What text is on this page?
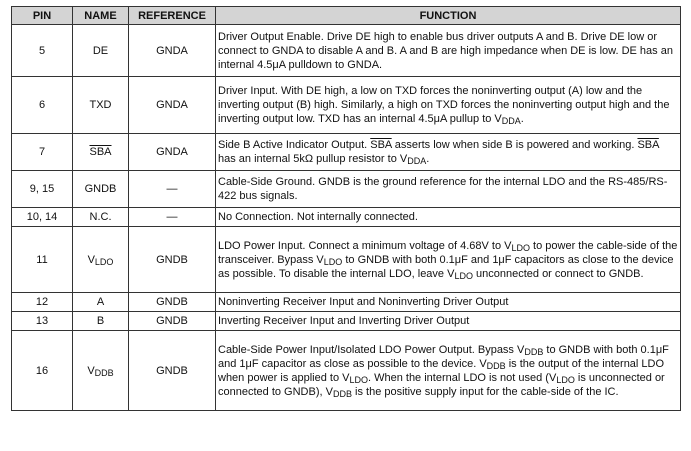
PIN	NAME	REFERENCE	FUNCTION
5	DE	GNDA	Driver Output Enable. Drive DE high to enable bus driver outputs A and B. Drive DE low or connect to GNDA to disable A and B. A and B are high impedance when DE is low. DE has an internal 4.5μA pulldown to GNDA.
6	TXD	GNDA	Driver Input. With DE high, a low on TXD forces the noninverting output (A) low and the inverting output (B) high. Similarly, a high on TXD forces the noninverting output high and the inverting output low. TXD has an internal 4.5μA pullup to $V_{DDA}$.
7	$\overline{SBA}$	GNDA	Side B Active Indicator Output. $\overline{SBA}$ asserts low when side B is powered and working. $\overline{SBA}$ has an internal 5kΩ pullup resistor to $V_{DDA}$.
9, 15	GNDB	—	Cable-Side Ground. GNDB is the ground reference for the internal LDO and the RS-485/RS-422 bus signals.
10, 14	N.C.	—	No Connection. Not internally connected.
11	$V_{LDO}$	GNDB	LDO Power Input. Connect a minimum voltage of 4.68V to $V_{LDO}$ to power the cable-side of the transceiver. Bypass $V_{LDO}$ to GNDB with both 0.1μF and 1μF capacitors as close to the device as possible. To disable the internal LDO, leave $V_{LDO}$ unconnected or connect to GNDB.
12	A	GNDB	Noninverting Receiver Input and Noninverting Driver Output
13	B	GNDB	Inverting Receiver Input and Inverting Driver Output
16	$V_{DDB}$	GNDB	Cable-Side Power Input/Isolated LDO Power Output. Bypass $V_{DDB}$ to GNDB with both 0.1μF and 1μF capacitor as close as possible to the device. $V_{DDB}$ is the output of the internal LDO when power is applied to $V_{LDO}$. When the internal LDO is not used ($V_{LDO}$ is unconnected or connected to GNDB), $V_{DDB}$ is the positive supply input for the cable-side of the IC.
